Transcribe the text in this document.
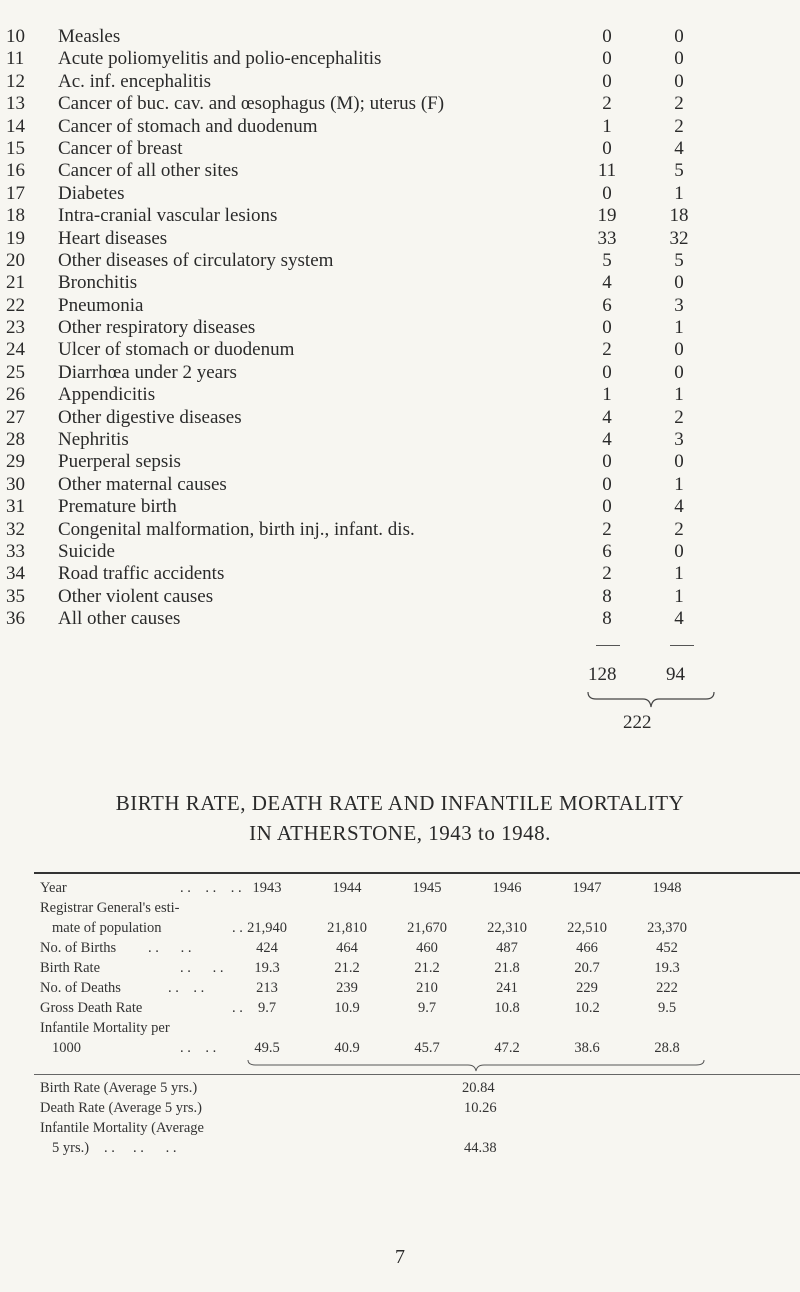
10	Measles	0	0
11	Acute poliomyelitis and polio-encephalitis	0	0
12	Ac. inf. encephalitis	0	0
13	Cancer of buc. cav. and œsophagus (M); uterus (F)	2	2
14	Cancer of stomach and duodenum	1	2
15	Cancer of breast	0	4
16	Cancer of all other sites	11	5
17	Diabetes	0	1
18	Intra-cranial vascular lesions	19	18
19	Heart diseases	33	32
20	Other diseases of circulatory system	5	5
21	Bronchitis	4	0
22	Pneumonia	6	3
23	Other respiratory diseases	0	1
24	Ulcer of stomach or duodenum	2	0
25	Diarrhœa under 2 years	0	0
26	Appendicitis	1	1
27	Other digestive diseases	4	2
28	Nephritis	4	3
29	Puerperal sepsis	0	0
30	Other maternal causes	0	1
31	Premature birth	0	4
32	Congenital malformation, birth inj., infant. dis.	2	2
33	Suicide	6	0
34	Road traffic accidents	2	1
35	Other violent causes	8	1
36	All other causes	8	4
128	94
222
BIRTH RATE, DEATH RATE AND INFANTILE MORTALITY
IN ATHERSTONE, 1943 to 1948.
Year	. .    . .    . . 1943	1944	1945	1946	1947	1948
Registrar General's esti-
mate of population	. . 21,940	21,810	21,670	22,310	22,510	23,370
No. of Births . .      . .	424	464	460	487	466	452
Birth Rate	. .      . .	19.3	21.2	21.2	21.8	20.7	19.3
No. of Deaths	. .    . .	213	239	210	241	229	222
Gross Death Rate	. .	9.7	10.9	9.7	10.8	10.2	9.5
Infantile Mortality per
1000	. .    . .	49.5	40.9	45.7	47.2	38.6	28.8
Birth Rate (Average 5 yrs.)	20.84
Death Rate (Average 5 yrs.)	10.26
Infantile Mortality (Average
5 yrs.) . .     . .      . .	44.38
7
